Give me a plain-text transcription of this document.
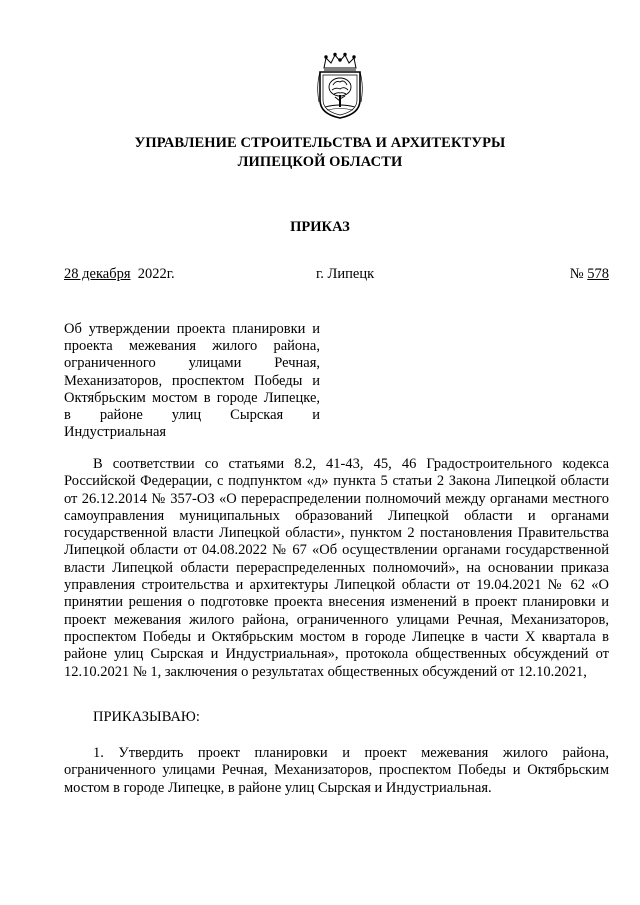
УПРАВЛЕНИЕ СТРОИТЕЛЬСТВА И АРХИТЕКТУРЫ
ЛИПЕЦКОЙ ОБЛАСТИ
ПРИКАЗ
28 декабря 2022г.	г. Липецк	№ 578
Об утверждении проекта планировки и проекта межевания жилого района, ограниченного улицами Речная, Механизаторов, проспектом Победы и Октябрьским мостом в городе Липецке, в районе улиц Сырская и Индустриальная

В соответствии со статьями 8.2, 41-43, 45, 46 Градостроительного кодекса Российской Федерации, с подпунктом «д» пункта 5 статьи 2 Закона Липецкой области от 26.12.2014 № 357-ОЗ «О перераспределении полномочий между органами местного самоуправления муниципальных образований Липецкой области и органами государственной власти Липецкой области», пунктом 2 постановления Правительства Липецкой области от 04.08.2022 № 67 «Об осуществлении органами государственной власти Липецкой области перераспределенных полномочий», на основании приказа управления строительства и архитектуры Липецкой области от 19.04.2021 № 62 «О принятии решения о подготовке проекта внесения изменений в проект планировки и проект межевания жилого района, ограниченного улицами Речная, Механизаторов, проспектом Победы и Октябрьским мостом в городе Липецке в части X квартала в районе улиц Сырская и Индустриальная», протокола общественных обсуждений от 12.10.2021 № 1, заключения о результатах общественных обсуждений от 12.10.2021,

ПРИКАЗЫВАЮ:

1. Утвердить проект планировки и проект межевания жилого района, ограниченного улицами Речная, Механизаторов, проспектом Победы и Октябрьским мостом в городе Липецке, в районе улиц Сырская и Индустриальная.
